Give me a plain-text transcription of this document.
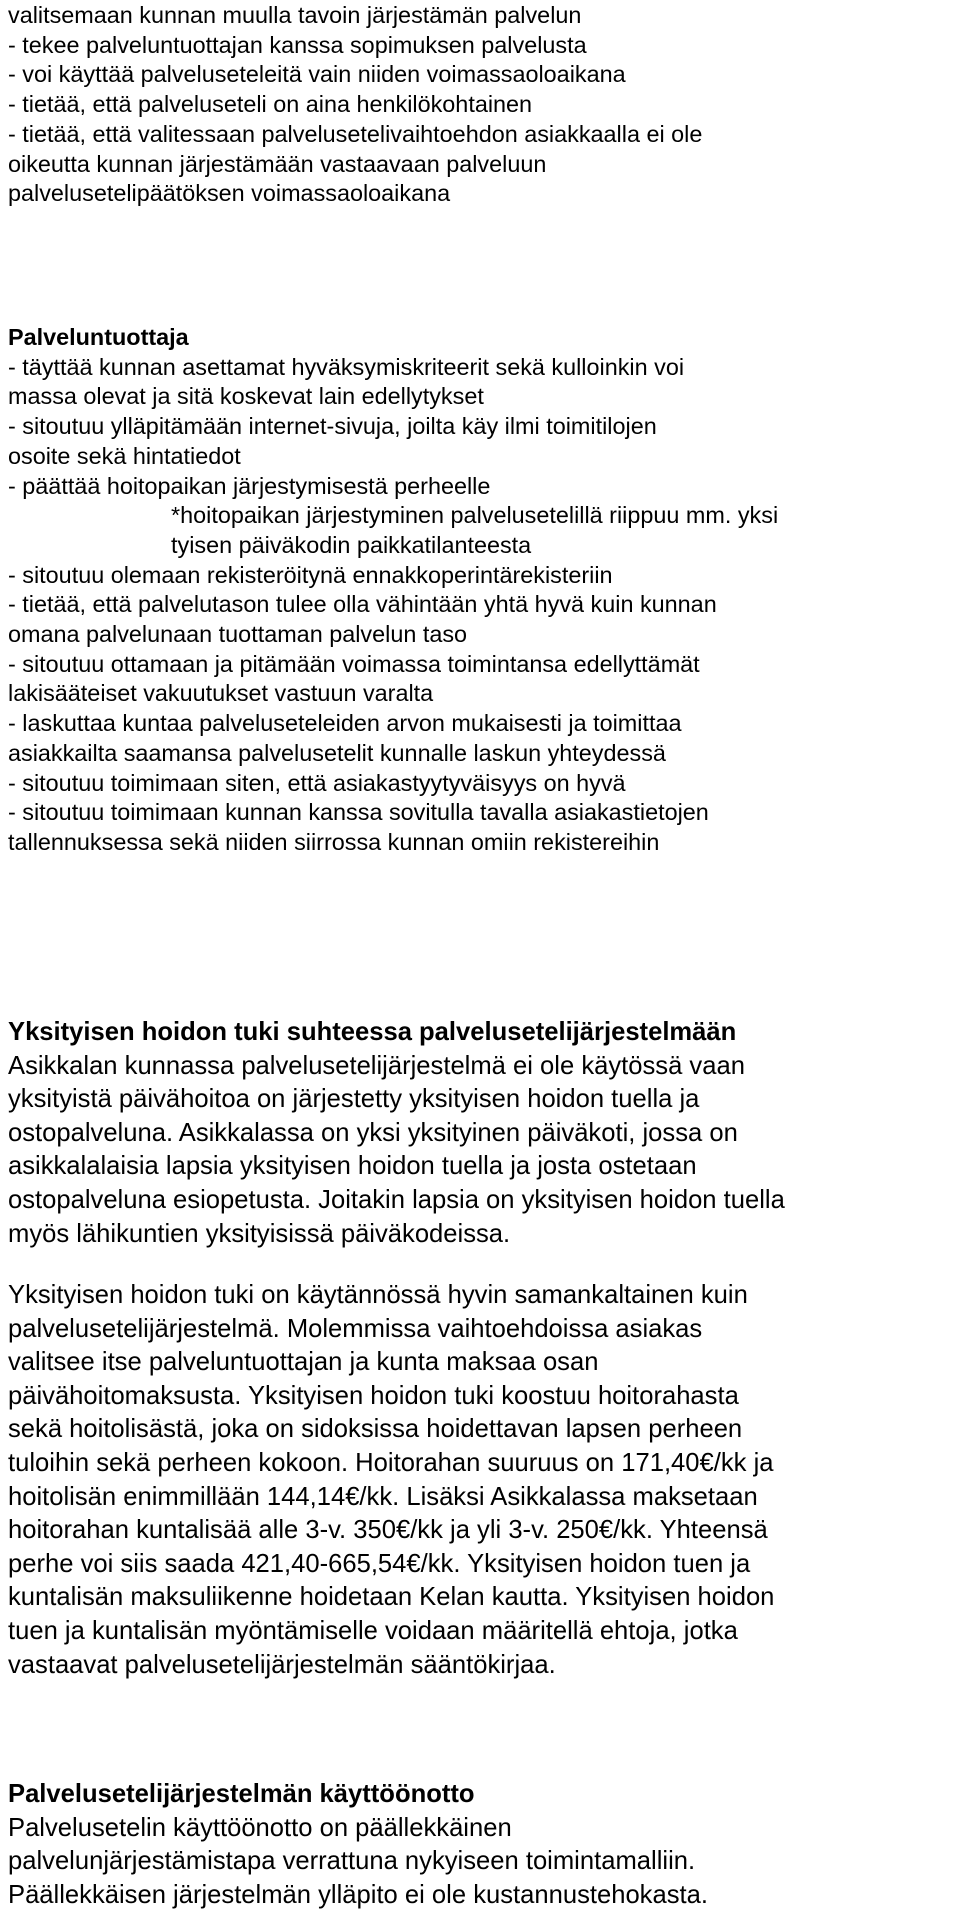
valitsemaan kunnan muulla tavoin järjestämän palvelun
- tekee palveluntuottajan kanssa sopimuksen palvelusta
- voi käyttää palveluseteleitä vain niiden voimassaoloaikana
- tietää, että palveluseteli on aina henkilökohtainen
- tietää, että valitessaan palvelusetelivaihtoehdon asiakkaalla ei ole
oikeutta kunnan järjestämään vastaavaan palveluun
palvelusetelipäätöksen voimassaoloaikana
Palveluntuottaja
- täyttää kunnan asettamat hyväksymiskriteerit sekä kulloinkin voi
massa olevat ja sitä koskevat lain edellytykset
- sitoutuu ylläpitämään internet-sivuja, joilta käy ilmi toimitilojen
osoite sekä hintatiedot
- päättää hoitopaikan järjestymisestä perheelle
*hoitopaikan järjestyminen palvelusetelillä riippuu mm. yksi
tyisen päiväkodin paikkatilanteesta
- sitoutuu olemaan rekisteröitynä ennakkoperintärekisteriin
- tietää, että palvelutason tulee olla vähintään yhtä hyvä kuin kunnan
omana palvelunaan tuottaman palvelun taso
- sitoutuu ottamaan ja pitämään voimassa toimintansa edellyttämät
lakisääteiset vakuutukset vastuun varalta
- laskuttaa kuntaa palveluseteleiden arvon mukaisesti ja toimittaa
asiakkailta saamansa palvelusetelit kunnalle laskun yhteydessä
- sitoutuu toimimaan siten, että asiakastyytyväisyys on hyvä
- sitoutuu toimimaan kunnan kanssa sovitulla tavalla asiakastietojen
tallennuksessa sekä niiden siirrossa kunnan omiin rekistereihin
Yksityisen hoidon tuki suhteessa palvelusetelijärjestelmään
Asikkalan kunnassa palvelusetelijärjestelmä ei ole käytössä vaan
yksityistä päivähoitoa on järjestetty yksityisen hoidon tuella ja
ostopalveluna. Asikkalassa on yksi yksityinen päiväkoti, jossa on
asikkalalaisia lapsia yksityisen hoidon tuella ja josta ostetaan
ostopalveluna esiopetusta. Joitakin lapsia on yksityisen hoidon tuella
myös lähikuntien yksityisissä päiväkodeissa.
Yksityisen hoidon tuki on käytännössä hyvin samankaltainen kuin
palvelusetelijärjestelmä. Molemmissa vaihtoehdoissa asiakas
valitsee itse palveluntuottajan ja kunta maksaa osan
päivähoitomaksusta. Yksityisen hoidon tuki koostuu hoitorahasta
sekä hoitolisästä, joka on sidoksissa hoidettavan lapsen perheen
tuloihin sekä perheen kokoon. Hoitorahan suuruus on 171,40€/kk ja
hoitolisän enimmillään 144,14€/kk. Lisäksi Asikkalassa maksetaan
hoitorahan kuntalisää alle 3-v. 350€/kk ja yli 3-v. 250€/kk. Yhteensä
perhe voi siis saada 421,40-665,54€/kk. Yksityisen hoidon tuen ja
kuntalisän maksuliikenne hoidetaan Kelan kautta. Yksityisen hoidon
tuen ja kuntalisän myöntämiselle voidaan määritellä ehtoja, jotka
vastaavat palvelusetelijärjestelmän sääntökirjaa.
Palvelusetelijärjestelmän käyttöönotto
Palvelusetelin käyttöönotto on päällekkäinen
palvelunjärjestämistapa verrattuna nykyiseen toimintamalliin.
Päällekkäisen järjestelmän ylläpito ei ole kustannustehokasta.
